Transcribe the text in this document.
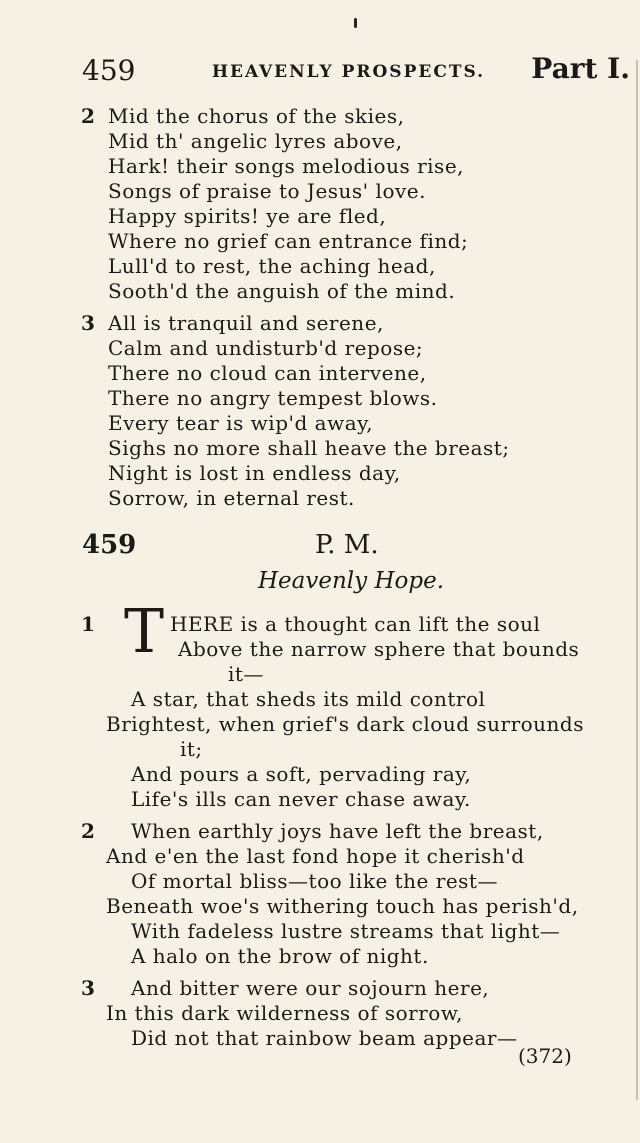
459	HEAVENLY PROSPECTS. Part I.
2 Mid the chorus of the skies,
Mid th' angelic lyres above,
Hark! their songs melodious rise,
Songs of praise to Jesus' love.
Happy spirits! ye are fled,
Where no grief can entrance find;
Lull'd to rest, the aching head,
Sooth'd the anguish of the mind.
3 All is tranquil and serene,
Calm and undisturb'd repose;
There no cloud can intervene,
There no angry tempest blows.
Every tear is wip'd away,
Sighs no more shall heave the breast;
Night is lost in endless day,
Sorrow, in eternal rest.
459	P. M.
Heavenly Hope.
1 T HERE is a thought can lift the soul
Above the narrow sphere that bounds
it—
A star, that sheds its mild control
Brightest, when grief's dark cloud surrounds
it;
And pours a soft, pervading ray,
Life's ills can never chase away.
2 When earthly joys have left the breast,
And e'en the last fond hope it cherish'd
Of mortal bliss—too like the rest—
Beneath woe's withering touch has perish'd,
With fadeless lustre streams that light—
A halo on the brow of night.
3 And bitter were our sojourn here,
In this dark wilderness of sorrow,
Did not that rainbow beam appear—
(372)
